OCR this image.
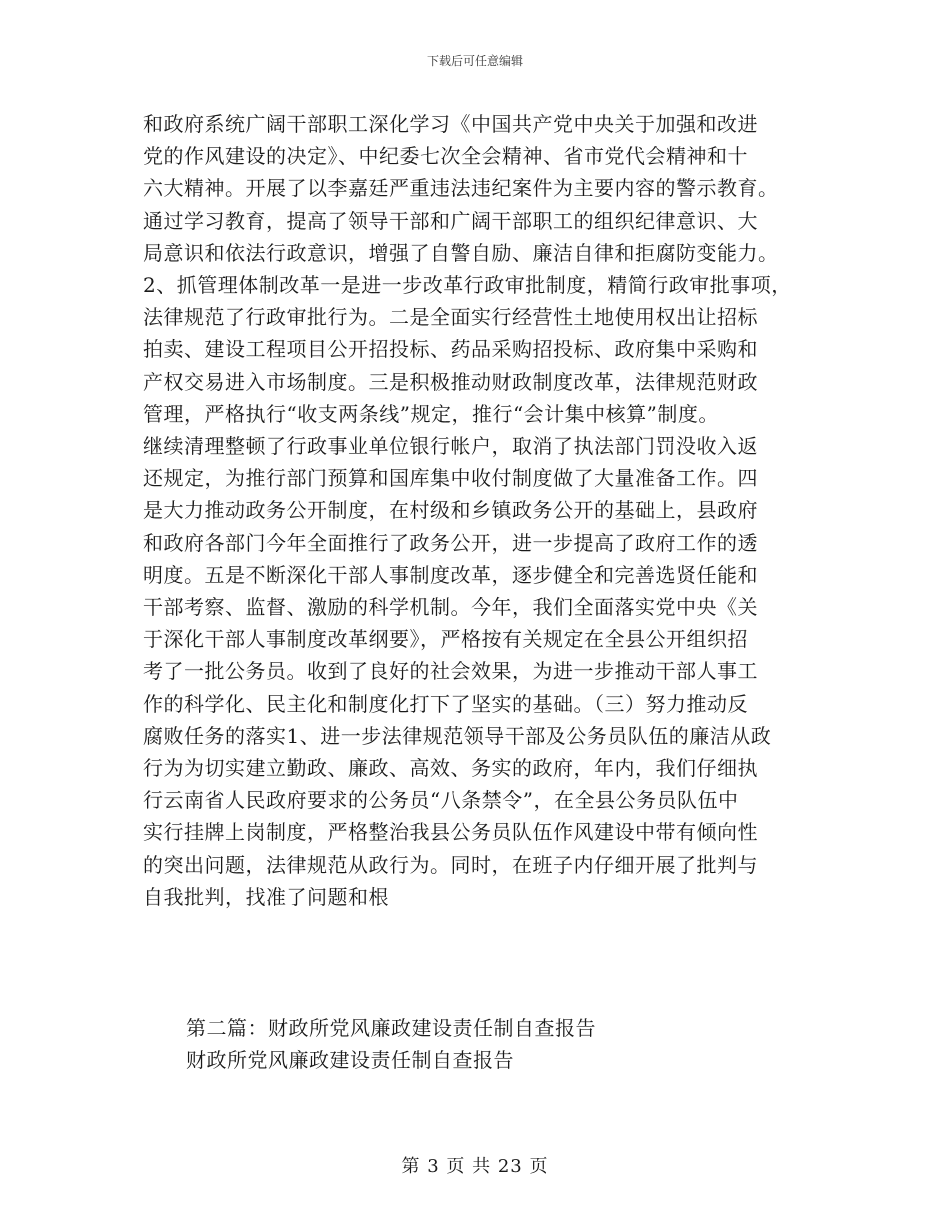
下载后可任意编辑
和政府系统广阔干部职工深化学习《中国共产党中央关于加强和改进
党的作风建设的决定》、中纪委七次全会精神、省市党代会精神和十
六大精神。开展了以李嘉廷严重违法违纪案件为主要内容的警示教育。
通过学习教育，提高了领导干部和广阔干部职工的组织纪律意识、大
局意识和依法行政意识，增强了自警自励、廉洁自律和拒腐防变能力。
2、抓管理体制改革一是进一步改革行政审批制度，精简行政审批事项，
法律规范了行政审批行为。二是全面实行经营性土地使用权出让招标
拍卖、建设工程项目公开招投标、药品采购招投标、政府集中采购和
产权交易进入市场制度。三是积极推动财政制度改革，法律规范财政
管理，严格执行“收支两条线”规定，推行“会计集中核算”制度。
继续清理整顿了行政事业单位银行帐户，取消了执法部门罚没收入返
还规定，为推行部门预算和国库集中收付制度做了大量准备工作。四
是大力推动政务公开制度，在村级和乡镇政务公开的基础上，县政府
和政府各部门今年全面推行了政务公开，进一步提高了政府工作的透
明度。五是不断深化干部人事制度改革，逐步健全和完善选贤任能和
干部考察、监督、激励的科学机制。今年，我们全面落实党中央《关
于深化干部人事制度改革纲要》，严格按有关规定在全县公开组织招
考了一批公务员。收到了良好的社会效果，为进一步推动干部人事工
作的科学化、民主化和制度化打下了坚实的基础。（三）努力推动反
腐败任务的落实1、进一步法律规范领导干部及公务员队伍的廉洁从政
行为为切实建立勤政、廉政、高效、务实的政府，年内，我们仔细执
行云南省人民政府要求的公务员“八条禁令”，在全县公务员队伍中
实行挂牌上岗制度，严格整治我县公务员队伍作风建设中带有倾向性
的突出问题，法律规范从政行为。同时，在班子内仔细开展了批判与
自我批判，找准了问题和根
第二篇：财政所党风廉政建设责任制自查报告
财政所党风廉政建设责任制自查报告
第 3 页 共 23 页
